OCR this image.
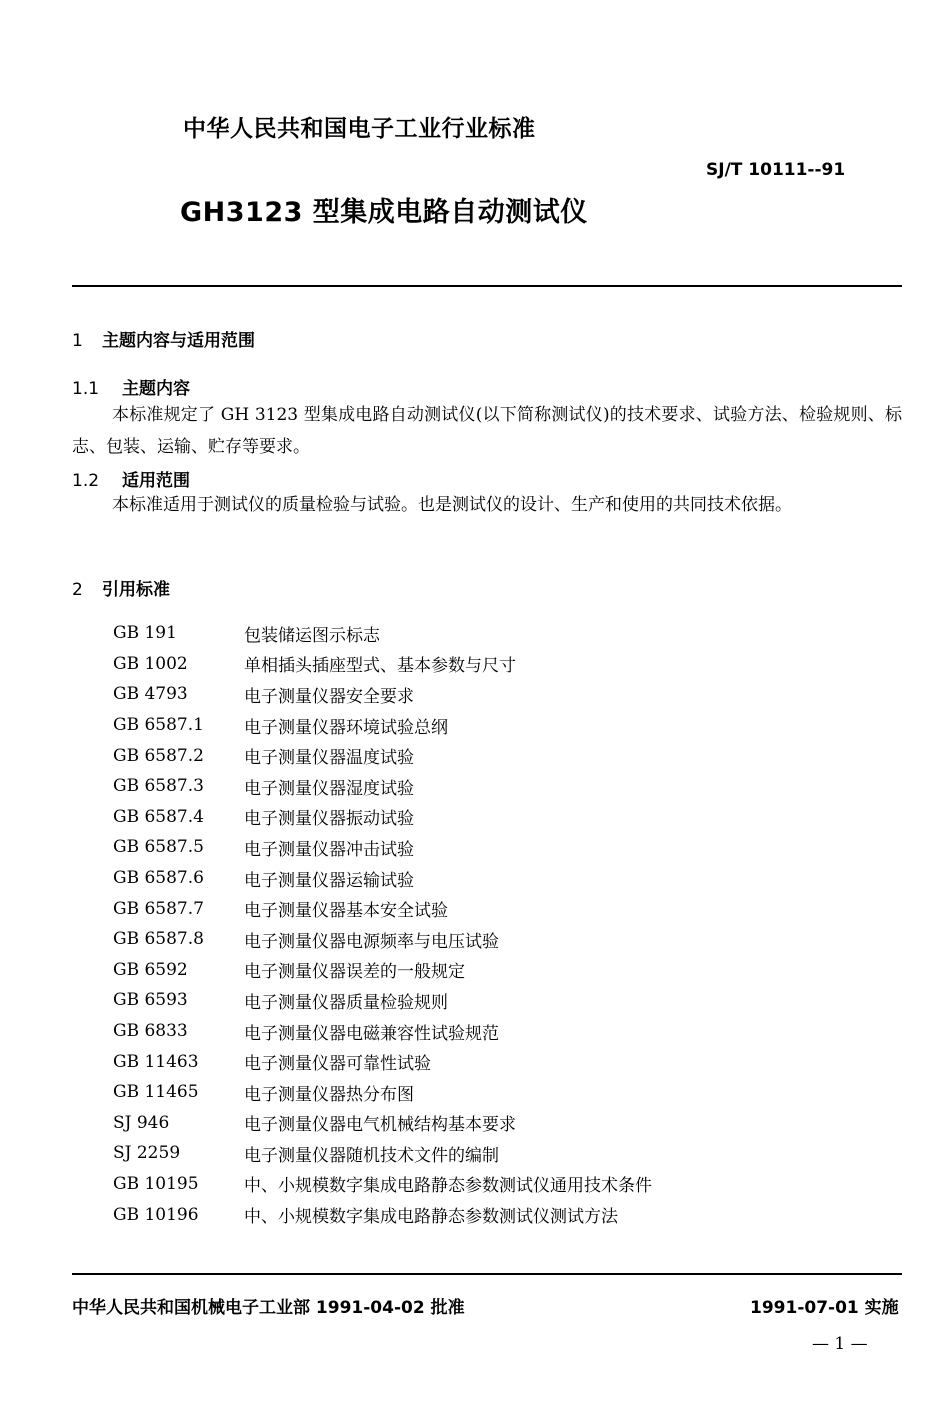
中华人民共和国电子工业行业标准
SJ/T 10111--91
GH3123 型集成电路自动测试仪
1 主题内容与适用范围
1.1 主题内容
本标准规定了 GH 3123 型集成电路自动测试仪(以下简称测试仪)的技术要求、试验方法、检验规则、标志、包装、运输、贮存等要求。
1.2 适用范围
本标准适用于测试仪的质量检验与试验。也是测试仪的设计、生产和使用的共同技术依据。
2 引用标准
GB 191	包装储运图示标志
GB 1002	单相插头插座型式、基本参数与尺寸
GB 4793	电子测量仪器安全要求
GB 6587.1	电子测量仪器环境试验总纲
GB 6587.2	电子测量仪器温度试验
GB 6587.3	电子测量仪器湿度试验
GB 6587.4	电子测量仪器振动试验
GB 6587.5	电子测量仪器冲击试验
GB 6587.6	电子测量仪器运输试验
GB 6587.7	电子测量仪器基本安全试验
GB 6587.8	电子测量仪器电源频率与电压试验
GB 6592	电子测量仪器误差的一般规定
GB 6593	电子测量仪器质量检验规则
GB 6833	电子测量仪器电磁兼容性试验规范
GB 11463	电子测量仪器可靠性试验
GB 11465	电子测量仪器热分布图
SJ 946	电子测量仪器电气机械结构基本要求
SJ 2259	电子测量仪器随机技术文件的编制
GB 10195	中、小规模数字集成电路静态参数测试仪通用技术条件
GB 10196	中、小规模数字集成电路静态参数测试仪测试方法
中华人民共和国机械电子工业部 1991-04-02 批准	1991-07-01 实施
— 1 —
